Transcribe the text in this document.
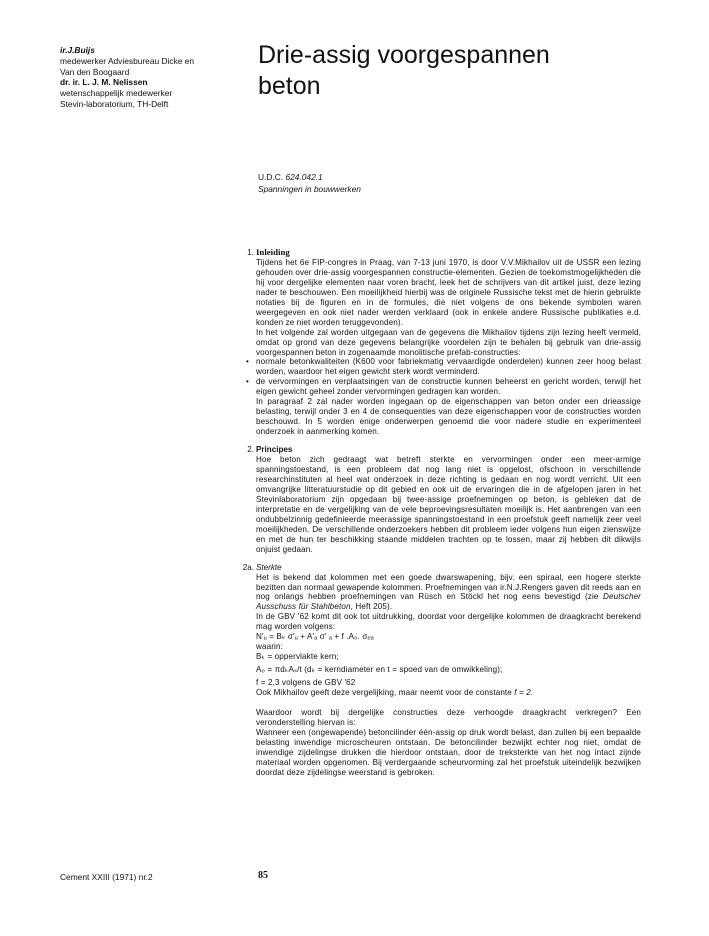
ir.J.Buijs
medewerker Adviesbureau Dicke en
Van den Boogaard
dr. ir. L. J. M. Nelissen
wetenschappelijk medewerker
Stevin-laboratorium, TH-Delft
Drie-assig voorgespannen
beton
U.D.C. 624.042.1
Spanningen in bouwwerken
1. Inleiding
Tijdens het 6e FIP-congres in Praag, van 7-13 juni 1970, is door V.V.Mikhailov uit de USSR een lezing gehouden over drie-assig voorgespannen constructie-elementen. Gezien de toekomstmogelijkheden die hij voor dergelijke elementen naar voren bracht, leek het de schrijvers van dit artikel juist, deze lezing nader te beschouwen. Een moeilijkheid hierbij was de originele Russische tekst met de hierin gebruikte notaties bij de figuren en in de formules, die niet volgens de ons bekende symbolen waren weergegeven en ook niet nader werden verklaard (ook in enkele andere Russische publikaties e.d. konden ze niet worden teruggevonden).
In het volgende zal worden uitgegaan van de gegevens die Mikhailov tijdens zijn lezing heeft vermeld, omdat op grond van deze gegevens belangrijke voordelen zijn te behalen bij gebruik van drie-assig voorgespannen beton in zogenaamde monolitische prefab-constructies:
• normale betonkwaliteiten (K600 voor fabriekmatig vervaardigde onderdelen) kunnen zeer hoog belast worden, waardoor het eigen gewicht sterk wordt verminderd.
• de vervormingen en verplaatsingen van de constructie kunnen beheerst en gericht worden, terwijl het eigen gewicht geheel zonder vervormingen gedragen kan worden.
In paragraaf 2 zal nader worden ingegaan op de eigenschappen van beton onder een drieassige belasting, terwijl onder 3 en 4 de consequenties van deze eigenschappen voor de constructies worden beschouwd. In 5 worden enige onderwerpen genoemd die voor nadere studie en experimenteel onderzoek in aanmerking komen.
2. Principes
Hoe beton zich gedraagt wat betreft sterkte en vervormingen onder een meer-armige spanningstoestand, is een probleem dat nog lang niet is opgelost, ofschoon in verschillende researchinstituten al heel wat onderzoek in deze richting is gedaan en nog wordt verricht. Uit een omvangrijke litteratuurstudie op dit gebied en ook uit de ervaringen die in de afgelopen jaren in het Stevinlaboratorium zijn opgedaan bij twee-assige proefnemingen op beton, is gebleken dat de interpretatie en de vergelijking van de vele beproevingsresultaten moeilijk is. Het aanbrengen van een ondubbelzinnig gedefinieerde meerassige spanningstoestand in een proefstuk geeft namelijk zeer veel moeilijkheden. De verschillende onderzoekers hebben dit probleem ieder volgens hun eigen zienswijze en met de hun ter beschikking staande middelen trachten op te lossen, maar zij hebben dit dikwijls onjuist gedaan.
2a. Sterkte
Het is bekend dat kolommen met een goede dwarswapening, bijv. een spiraal, een hogere sterkte bezitten dan normaal gewapende kolommen. Proefnemingen van ir.N.J.Rengers gaven dit reeds aan en nog onlangs hebben proefnemingen van Rüsch en Stöckl het nog eens bevestigd (zie Deutscher Ausschuss für Stahlbeton, Heft 205).
In de GBV '62 komt dit ook tot uitdrukking, doordat voor dergelijke kolommen de draagkracht berekend mag worden volgens:
N'ᵤ = Bₖ σ'ᵤ + A'ₐ σ' ₐ + f .A₀. σₑₐ
waarin:
Bₖ = oppervlakte kern;
A₀ = πdₖAₛ/t (dₖ = kerndiameter en t = spoed van de omwikkeling);
f = 2,3 volgens de GBV '62
Ook Mikhailov geeft deze vergelijking, maar neemt voor de constante f = 2.
Waardoor wordt bij dergelijke constructies deze verhoogde draagkracht verkregen? Een veronderstelling hiervan is:
Wanneer een (ongewapende) betoncilinder één-assig op druk wordt belast, dan zullen bij een bepaalde belasting inwendige microscheuren ontstaan. De betoncilinder bezwijkt echter nog niet, omdat de inwendige zijdelingse drukken die hierdoor ontstaan, door de treksterkte van het nog intact zijnde materiaal worden opgenomen. Bij verdergaande scheurvorming zal het proefstuk uiteindelijk bezwijken doordat deze zijdelingse weerstand is gebroken.
Cement XXIII (1971) nr.2	85
